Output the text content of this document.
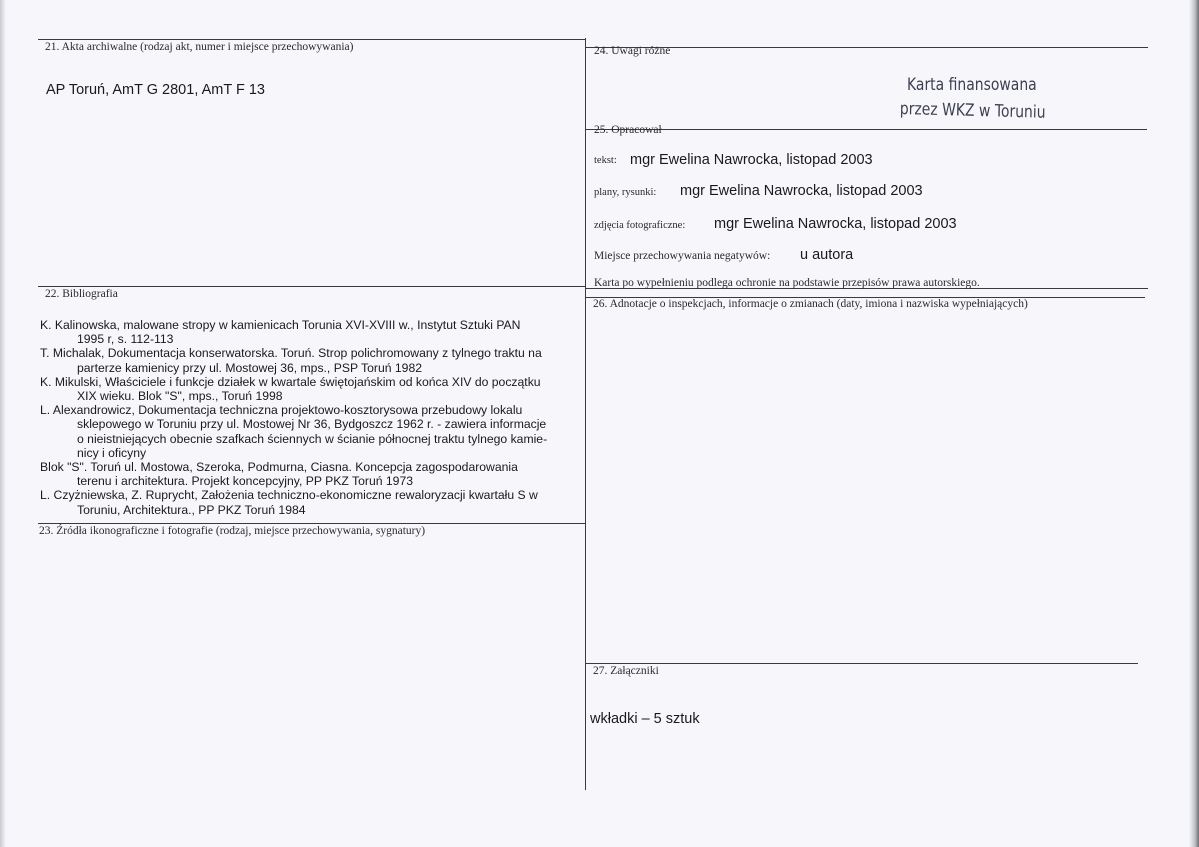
21. Akta archiwalne (rodzaj akt, numer i miejsce przechowywania)
AP Toruń, AmT G 2801, AmT F 13
22. Bibliografia
K. Kalinowska, malowane stropy w kamienicach Torunia XVI-XVIII w., Instytut Sztuki PAN
1995 r, s. 112-113
T. Michalak, Dokumentacja konserwatorska. Toruń. Strop polichromowany z tylnego traktu na
parterze kamienicy przy ul. Mostowej 36, mps., PSP Toruń 1982
K. Mikulski, Właściciele i funkcje działek w kwartale świętojańskim od końca XIV do początku
XIX wieku. Blok "S", mps., Toruń 1998
L. Alexandrowicz, Dokumentacja techniczna projektowo-kosztorysowa przebudowy lokalu
sklepowego w Toruniu przy ul. Mostowej Nr 36, Bydgoszcz 1962 r. - zawiera informacje
o nieistniejących obecnie szafkach ściennych w ścianie północnej traktu tylnego kamie-
nicy i oficyny
Blok "S". Toruń ul. Mostowa, Szeroka, Podmurna, Ciasna. Koncepcja zagospodarowania
terenu i architektura. Projekt koncepcyjny, PP PKZ Toruń 1973
L. Czyżniewska, Z. Ruprycht, Założenia techniczno-ekonomiczne rewaloryzacji kwartału S w
Toruniu, Architektura., PP PKZ Toruń 1984
23. Źródła ikonograficzne i fotografie (rodzaj, miejsce przechowywania, sygnatury)
24. Uwagi różne
Karta finansowana
przez WKZ w Toruniu
25. Opracował
tekst: mgr Ewelina Nawrocka, listopad 2003
plany, rysunki: mgr Ewelina Nawrocka, listopad 2003
zdjęcia fotograficzne: mgr Ewelina Nawrocka, listopad 2003
Miejsce przechowywania negatywów: u autora
Karta po wypełnieniu podlega ochronie na podstawie przepisów prawa autorskiego.
26. Adnotacje o inspekcjach, informacje o zmianach (daty, imiona i nazwiska wypełniających)
27. Załączniki
wkładki – 5 sztuk
